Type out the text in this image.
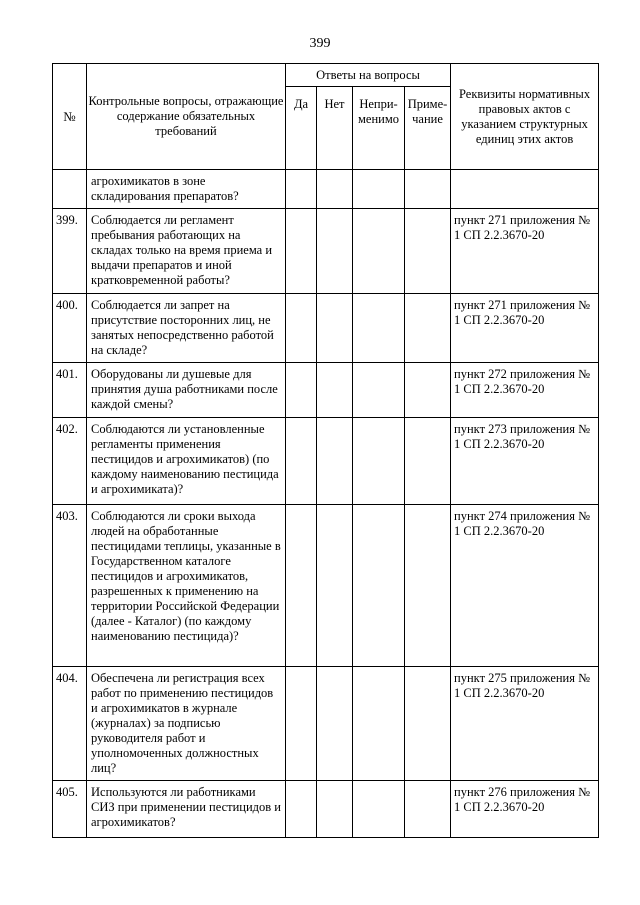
399
№	Контрольные вопросы, отражающие содержание обязательных требований	Ответы на вопросы				Реквизиты нормативных правовых актов с указанием структурных единиц этих актов
		Да	Нет	Непри-менимо	Приме-чание	
	агрохимикатов в зоне складирования препаратов?					
399.	Соблюдается ли регламент пребывания работающих на складах только на время приема и выдачи препаратов и иной кратковременной работы?					пункт 271 приложения № 1 СП 2.2.3670-20
400.	Соблюдается ли запрет на присутствие посторонних лиц, не занятых непосредственно работой на складе?					пункт 271 приложения № 1 СП 2.2.3670-20
401.	Оборудованы ли душевые для принятия душа работниками после каждой смены?					пункт 272 приложения № 1 СП 2.2.3670-20
402.	Соблюдаются ли установленные регламенты применения пестицидов и агрохимикатов) (по каждому наименованию пестицида и агрохимиката)?					пункт 273 приложения № 1 СП 2.2.3670-20
403.	Соблюдаются ли сроки выхода людей на обработанные пестицидами теплицы, указанные в Государственном каталоге пестицидов и агрохимикатов, разрешенных к применению на территории Российской Федерации (далее - Каталог) (по каждому наименованию пестицида)?					пункт 274 приложения № 1 СП 2.2.3670-20
404.	Обеспечена ли регистрация всех работ по применению пестицидов и агрохимикатов в журнале (журналах) за подписью руководителя работ и уполномоченных должностных лиц?					пункт 275 приложения № 1 СП 2.2.3670-20
405.	Используются ли работниками СИЗ при применении пестицидов и агрохимикатов?					пункт 276 приложения № 1 СП 2.2.3670-20
